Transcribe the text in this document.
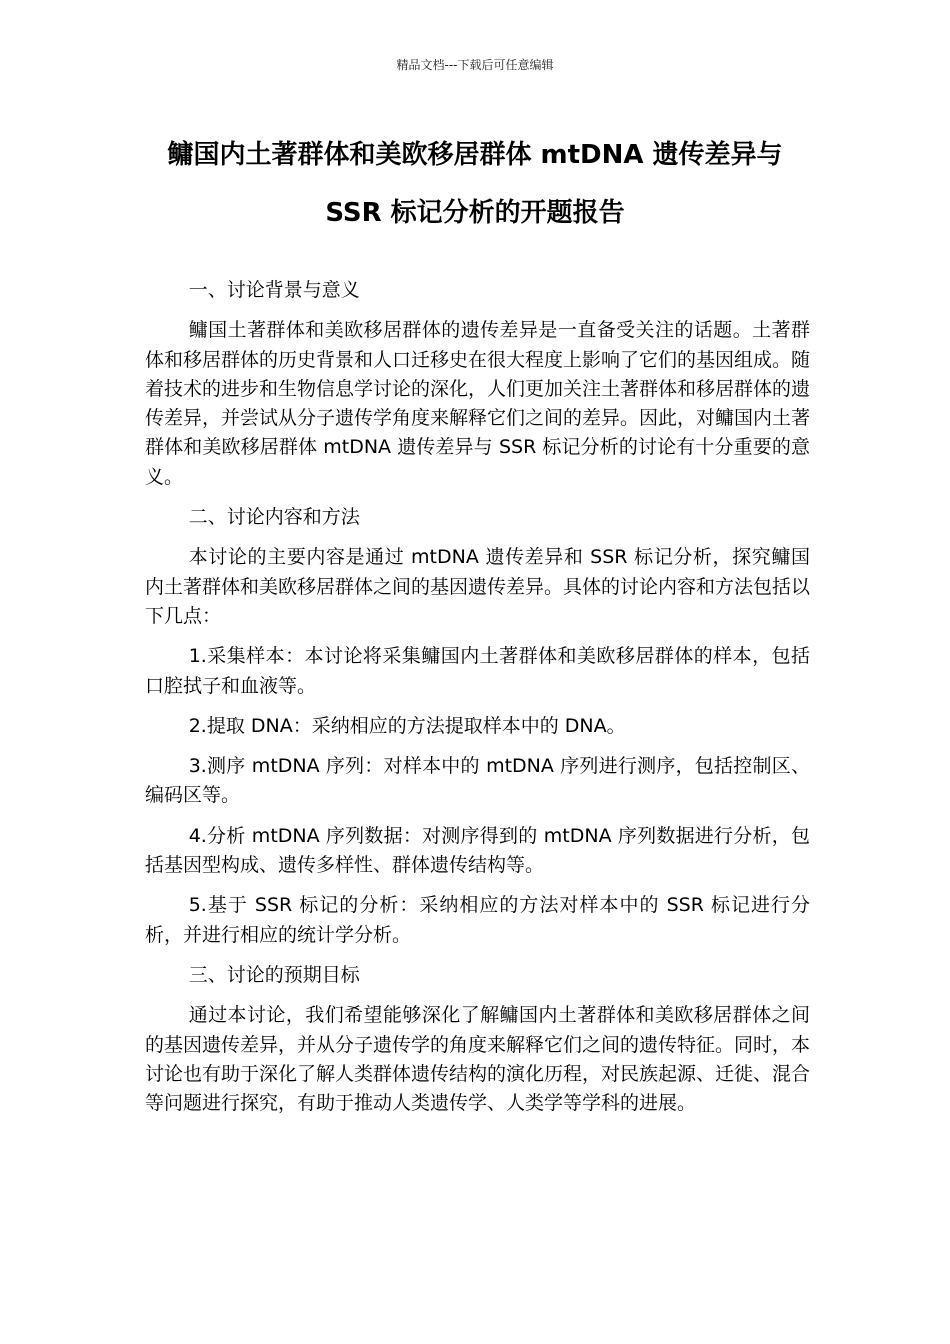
精品文档---下载后可任意编辑
鳙国内土著群体和美欧移居群体 mtDNA 遗传差异与
SSR 标记分析的开题报告

一、讨论背景与意义

鳙国土著群体和美欧移居群体的遗传差异是一直备受关注的话题。土著群体和移居群体的历史背景和人口迁移史在很大程度上影响了它们的基因组成。随着技术的进步和生物信息学讨论的深化，人们更加关注土著群体和移居群体的遗传差异，并尝试从分子遗传学角度来解释它们之间的差异。因此，对鳙国内土著群体和美欧移居群体 mtDNA 遗传差异与 SSR 标记分析的讨论有十分重要的意义。

二、讨论内容和方法

本讨论的主要内容是通过 mtDNA 遗传差异和 SSR 标记分析，探究鳙国内土著群体和美欧移居群体之间的基因遗传差异。具体的讨论内容和方法包括以下几点：

1.采集样本：本讨论将采集鳙国内土著群体和美欧移居群体的样本，包括口腔拭子和血液等。

2.提取 DNA：采纳相应的方法提取样本中的 DNA。

3.测序 mtDNA 序列：对样本中的 mtDNA 序列进行测序，包括控制区、编码区等。

4.分析 mtDNA 序列数据：对测序得到的 mtDNA 序列数据进行分析，包括基因型构成、遗传多样性、群体遗传结构等。

5.基于 SSR 标记的分析：采纳相应的方法对样本中的 SSR 标记进行分析，并进行相应的统计学分析。

三、讨论的预期目标

通过本讨论，我们希望能够深化了解鳙国内土著群体和美欧移居群体之间的基因遗传差异，并从分子遗传学的角度来解释它们之间的遗传特征。同时，本讨论也有助于深化了解人类群体遗传结构的演化历程，对民族起源、迁徙、混合等问题进行探究，有助于推动人类遗传学、人类学等学科的进展。
